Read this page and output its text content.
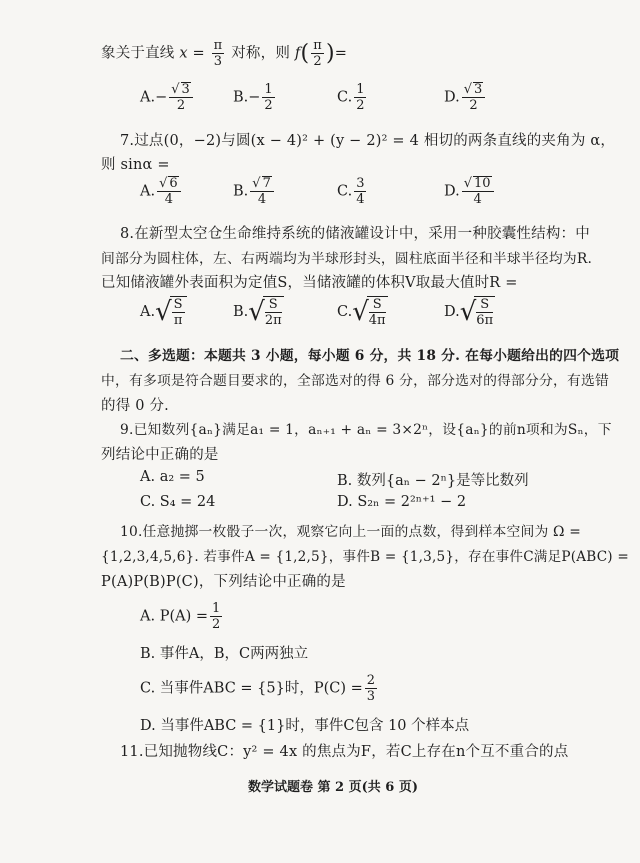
象关于直线 $x = \frac{\pi}{3}$ 对称，则 $f( \frac{\pi}{2}$ )=
A.− √ $\frac{3}{2}$	$B.- \frac{1}{2}$	C. $\frac{1}{2}$	D. √ $\frac{3}{2}$
7.过点(0，−2)与圆(x − 4)² + (y − 2)² = 4 相切的两条直线的夹角为 α，
则 sinα =
A. √ $\frac{6}{4}$	B. √ $\frac{7}{4}$	C. $\frac{3}{4}$	D. √ $\frac{10}{4}$
8.在新型太空仓生命维持系统的储液罐设计中，采用一种胶囊性结构：中
间部分为圆柱体，左、右两端均为半球形封头，圆柱底面半径和半球半径均为R.
已知储液罐外表面积为定值S，当储液罐的体积V取最大值时R =
$A.√ \frac{S}{\pi}$	$B.√ \frac{S}{2\pi}$	$C.√ \frac{S}{4\pi}$	$D.√ \frac{S}{6\pi}$
二、多选题：本题共 3 小题，每小题 6 分，共 18 分. 在每小题给出的四个选项
中，有多项是符合题目要求的，全部选对的得 6 分，部分选对的得部分分，有选错
的得 0 分.
9.已知数列{aₙ}满足a₁ = 1，aₙ₊₁ + aₙ = 3×2ⁿ，设{aₙ}的前n项和为Sₙ，下
列结论中正确的是
A. a₂ = 5	B. 数列{aₙ − 2ⁿ}是等比数列
C. S₄ = 24	D. S₂ₙ = 2²ⁿ⁺¹ − 2
10.任意抛掷一枚骰子一次，观察它向上一面的点数，得到样本空间为 Ω =
{1,2,3,4,5,6}. 若事件A = {1,2,5}，事件B = {1,3,5}，存在事件C满足P(ABC) =
P(A)P(B)P(C)，下列结论中正确的是
A. $P(A) = \frac{1}{2}$
B. 事件A，B，C两两独立
C. 当事件ABC = {5}时，$P(C) = \frac{2}{3}$
D. 当事件ABC = {1}时，事件C包含 10 个样本点
11.已知抛物线C：y² = 4x 的焦点为F，若C上存在n个互不重合的点
数学试题卷 第 2 页(共 6 页)
